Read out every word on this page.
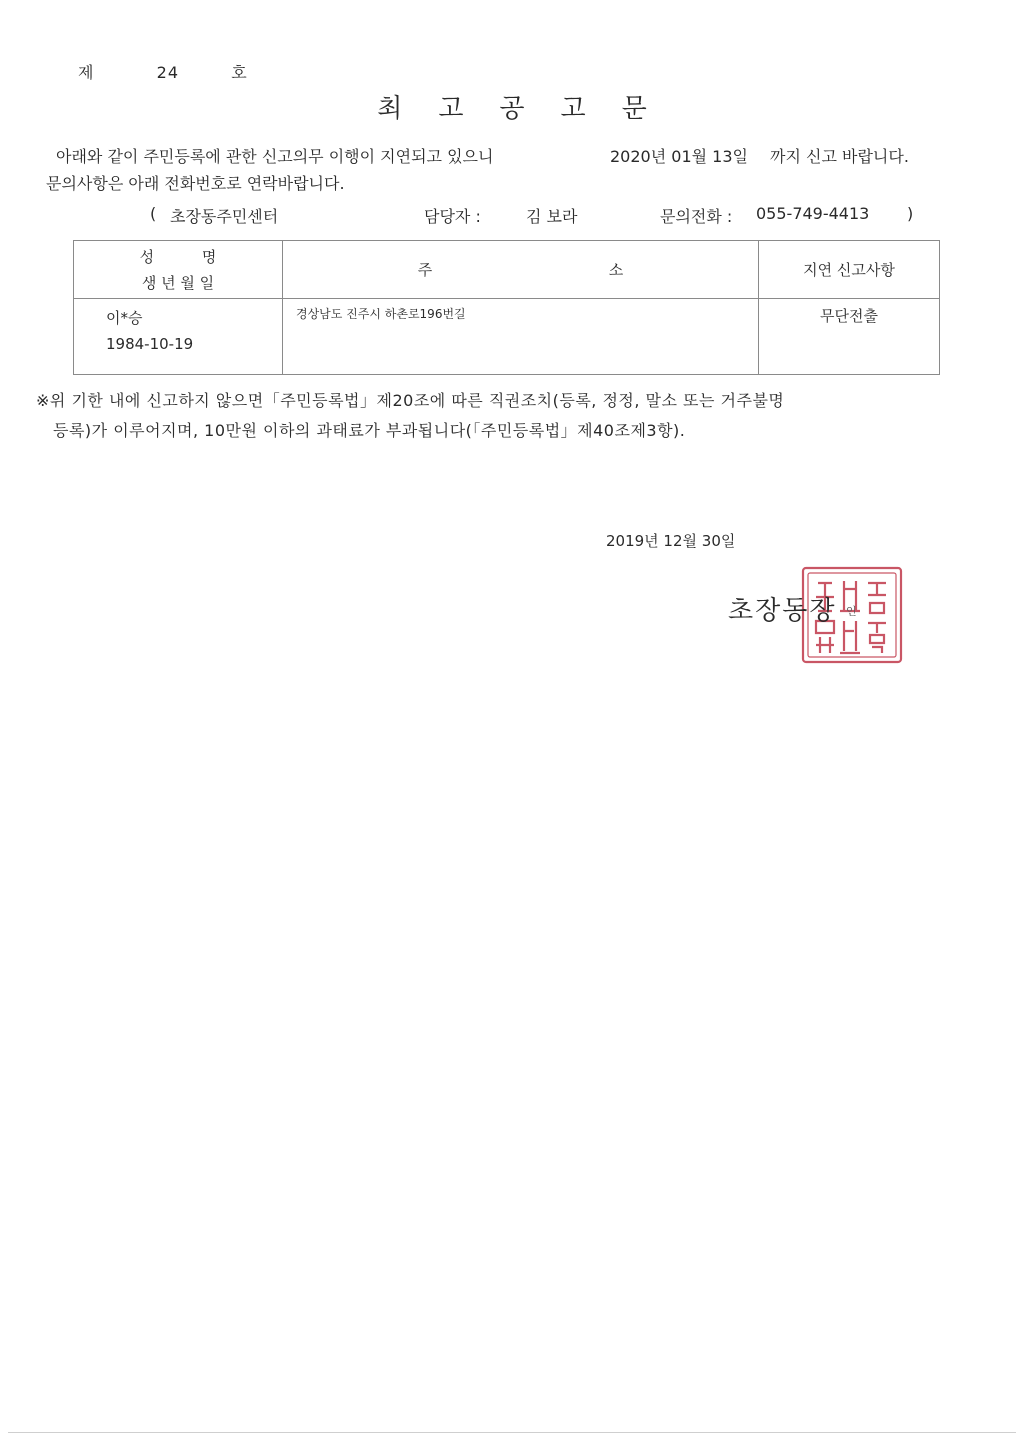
제	24	호
최고공고문
아래와 같이 주민등록에 관한 신고의무 이행이 지연되고 있으니	2020년 01월 13일 까지 신고 바랍니다.
문의사항은 아래 전화번호로 연락바랍니다.
( 초장동주민센터	담당자 :	김 보라	문의전화 : 055-749-4413 )
성          명
생 년 월 일	주                                     소	지연 신고사항

이*승
1984-10-19	경상남도 진주시 하촌로196번길	무단전출
※위 기한 내에 신고하지 않으면「주민등록법」제20조에 따른 직권조치(등록, 정정, 말소 또는 거주불명
등록)가 이루어지며, 10만원 이하의 과태료가 부과됩니다(「주민등록법」제40조제3항).
2019년 12월 30일
초장동장 인
